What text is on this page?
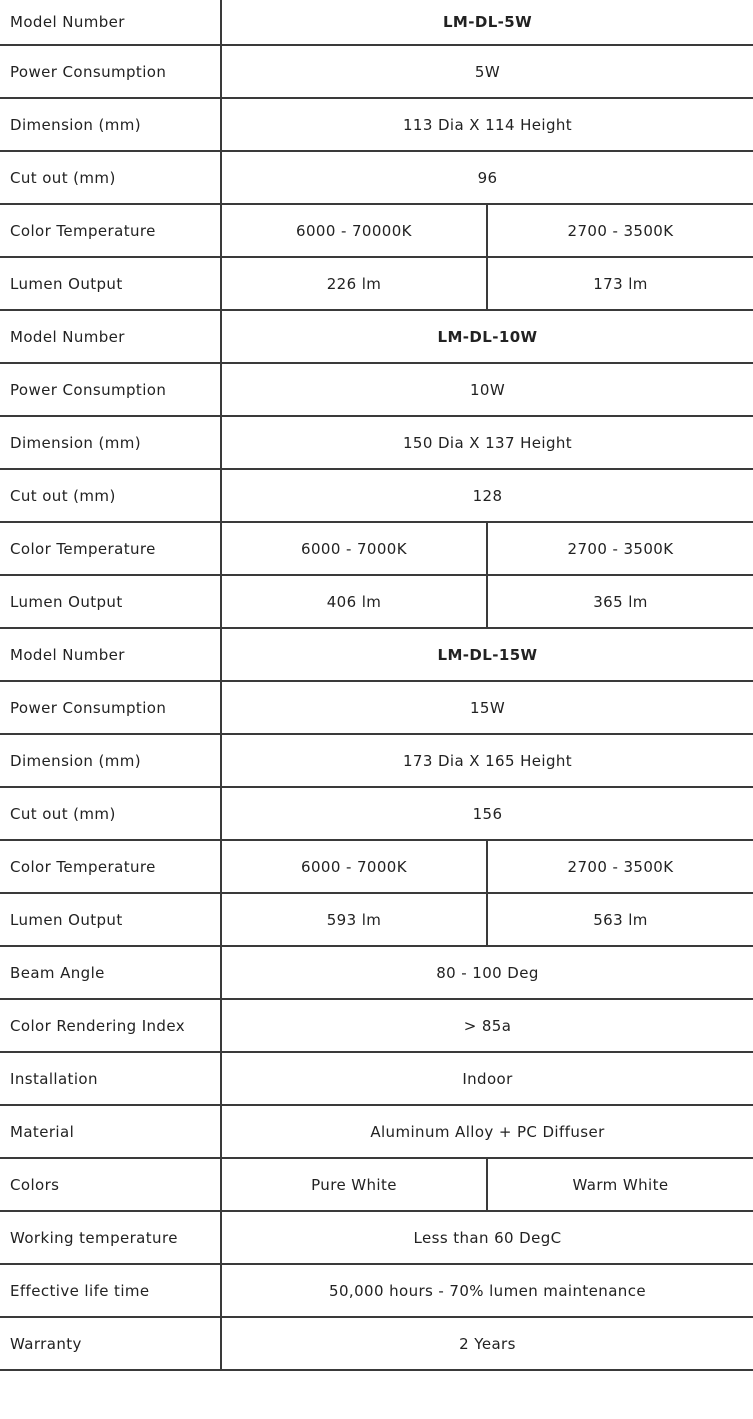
Model Number	LM-DL-5W	
Power Consumption	5W	
Dimension (mm)	113 Dia X 114 Height	
Cut out (mm)	96	
Color Temperature	6000 - 70000K	2700 - 3500K
Lumen Output	226 lm	173 lm
Model Number	LM-DL-10W	
Power Consumption	10W	
Dimension (mm)	150 Dia X 137 Height	
Cut out (mm)	128	
Color Temperature	6000 - 7000K	2700 - 3500K
Lumen Output	406 lm	365 lm
Model Number	LM-DL-15W	
Power Consumption	15W	
Dimension (mm)	173 Dia X 165 Height	
Cut out (mm)	156	
Color Temperature	6000 - 7000K	2700 - 3500K
Lumen Output	593 lm	563 lm
Beam Angle	80 - 100 Deg	
Color Rendering Index	> 85a	
Installation	Indoor	
Material	Aluminum Alloy + PC Diffuser	
Colors	Pure White	Warm White
Working temperature	Less than 60 DegC	
Effective life time	50,000 hours - 70% lumen maintenance	
Warranty	2 Years	
